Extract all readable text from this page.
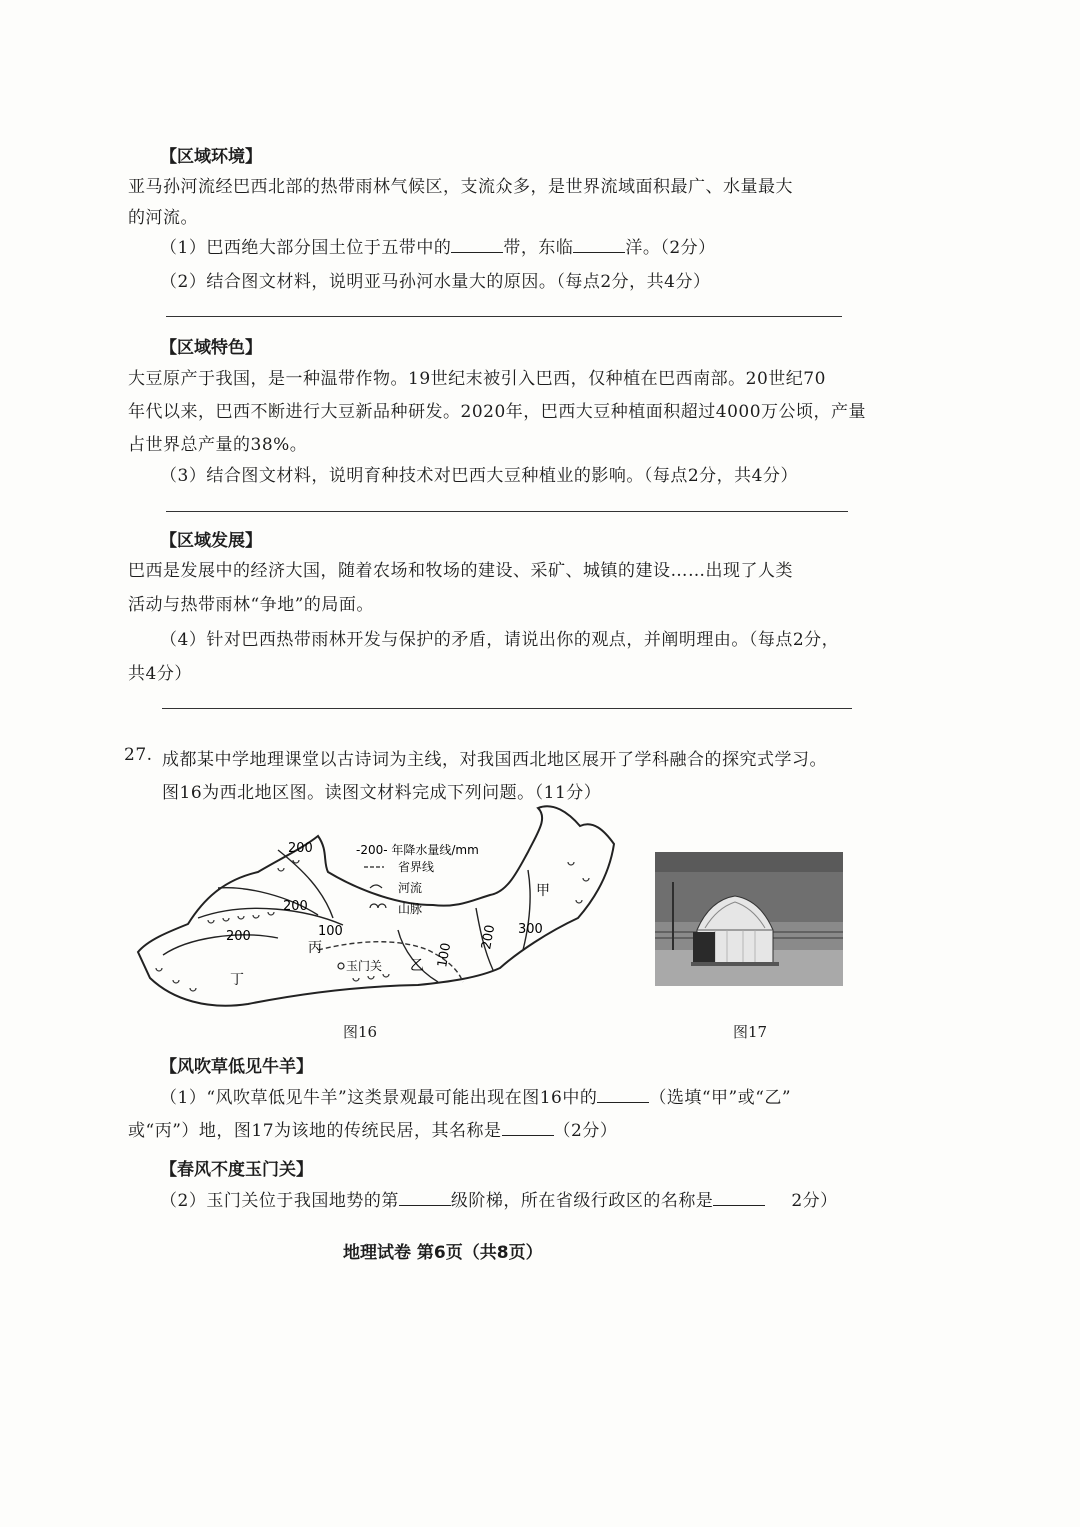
【区域环境】
亚马孙河流经巴西北部的热带雨林气候区，支流众多，是世界流域面积最广、水量最大
的河流。
（1）巴西绝大部分国土位于五带中的	带，东临	洋。（2分）
（2）结合图文材料，说明亚马孙河水量大的原因。（每点2分，共4分）
【区域特色】
大豆原产于我国，是一种温带作物。19世纪末被引入巴西，仅种植在巴西南部。20世纪70
年代以来，巴西不断进行大豆新品种研发。2020年，巴西大豆种植面积超过4000万公顷，产量
占世界总产量的38%。
（3）结合图文材料，说明育种技术对巴西大豆种植业的影响。（每点2分，共4分）
【区域发展】
巴西是发展中的经济大国，随着农场和牧场的建设、采矿、城镇的建设……出现了人类
活动与热带雨林“争地”的局面。
（4）针对巴西热带雨林开发与保护的矛盾，请说出你的观点，并阐明理由。（每点2分，
共4分）
27. 成都某中学地理课堂以古诗词为主线，对我国西北地区展开了学科融合的探究式学习。
图16为西北地区图。读图文材料完成下列问题。（11分）
200
200
200	100
100
200 300
甲
乙
丙
丁
玉门关
-200- 年降水量线/mm
省界线
河流
山脉
图16	图17
【风吹草低见牛羊】
（1）“风吹草低见牛羊”这类景观最可能出现在图16中的	（选填“甲”或“乙”
或“丙”）地，图17为该地的传统民居，其名称是	（2分）
【春风不度玉门关】
（2）玉门关位于我国地势的第	级阶梯，所在省级行政区的名称是	2分）
地理试卷 第6页（共8页）
